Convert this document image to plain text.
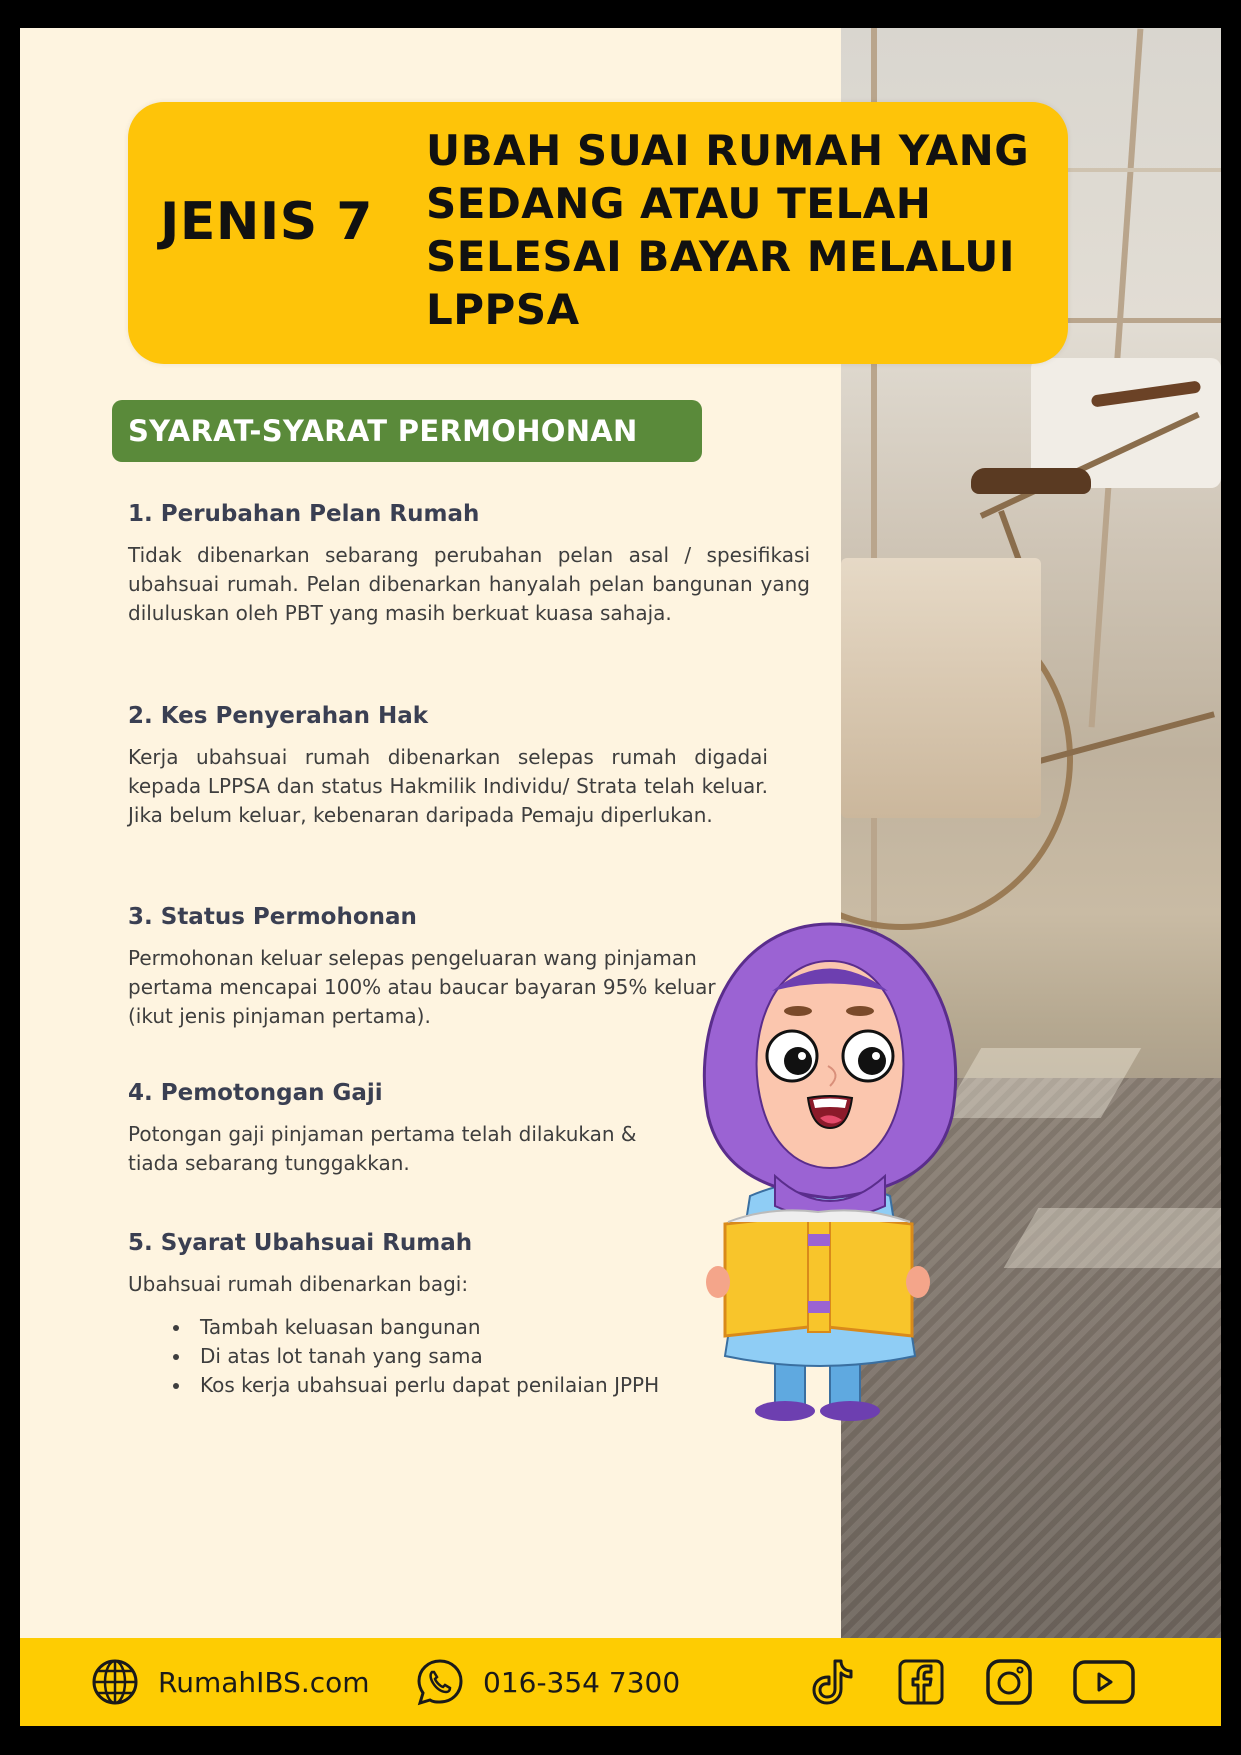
JENIS 7
UBAH SUAI RUMAH YANG
SEDANG ATAU TELAH
SELESAI BAYAR MELALUI
LPPSA
SYARAT-SYARAT PERMOHONAN
1. Perubahan Pelan Rumah

Tidak dibenarkan sebarang perubahan pelan asal / spesifikasi ubahsuai rumah. Pelan dibenarkan hanyalah pelan bangunan yang diluluskan oleh PBT yang masih berkuat kuasa sahaja.

2. Kes Penyerahan Hak

Kerja ubahsuai rumah dibenarkan selepas rumah digadai kepada LPPSA dan status Hakmilik Individu/ Strata telah keluar. Jika belum keluar, kebenaran daripada Pemaju diperlukan.

3. Status Permohonan

Permohonan keluar selepas pengeluaran wang pinjaman pertama mencapai 100% atau baucar bayaran 95% keluar (ikut jenis pinjaman pertama).

4. Pemotongan Gaji

Potongan gaji pinjaman pertama telah dilakukan & tiada sebarang tunggakkan.

5. Syarat Ubahsuai Rumah

Ubahsuai rumah dibenarkan bagi:

• Tambah keluasan bangunan
• Di atas lot tanah yang sama
• Kos kerja ubahsuai perlu dapat penilaian JPPH
RumahIBS.com	016-354 7300
